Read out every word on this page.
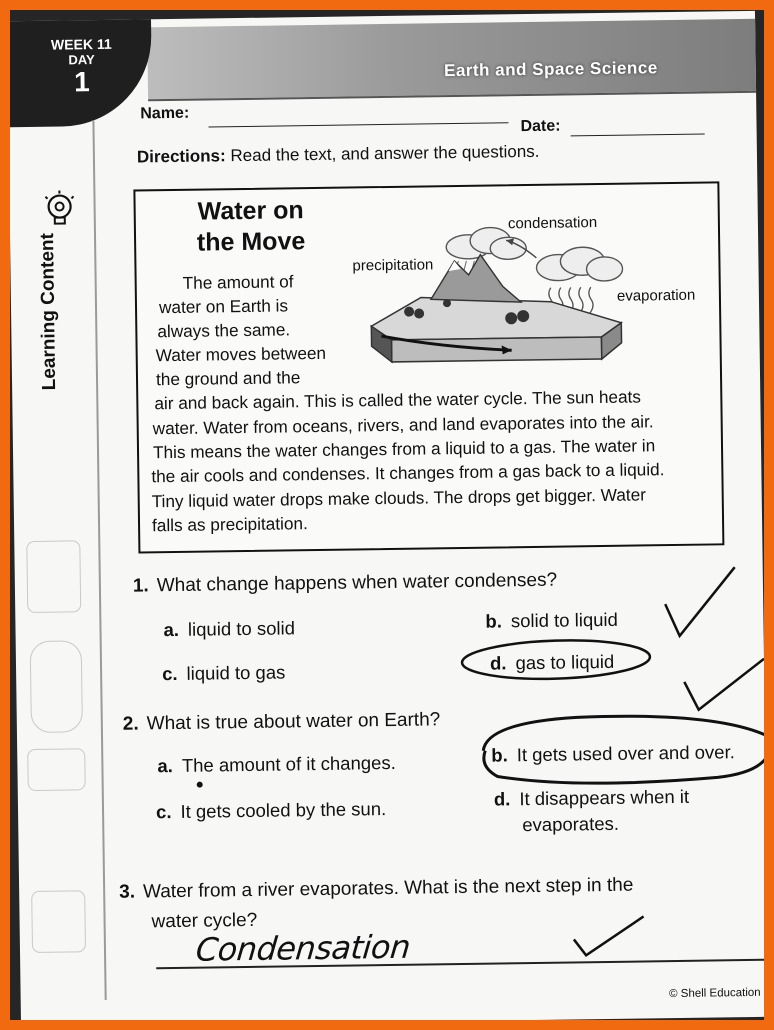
Earth and Space Science
WEEK 11
DAY
1
Learning Content
Name:
Date:
Directions: Read the text, and answer the questions.
Water on
the Move
condensation
precipitation
evaporation
The amount of
water on Earth is
always the same.
Water moves between
the ground and the
air and back again. This is called the water cycle. The sun heats
water. Water from oceans, rivers, and land evaporates into the air.
This means the water changes from a liquid to a gas. The water in
the air cools and condenses. It changes from a gas back to a liquid.
Tiny liquid water drops make clouds. The drops get bigger. Water
falls as precipitation.
1. What change happens when water condenses?
a. liquid to solid	b. solid to liquid
c. liquid to gas	d. gas to liquid
2. What is true about water on Earth?
a. The amount of it changes.	b. It gets used over and over.
c. It gets cooled by the sun.	d. It disappears when it
evaporates.
3. Water from a river evaporates. What is the next step in the
water cycle?
Condensation
© Shell Education
